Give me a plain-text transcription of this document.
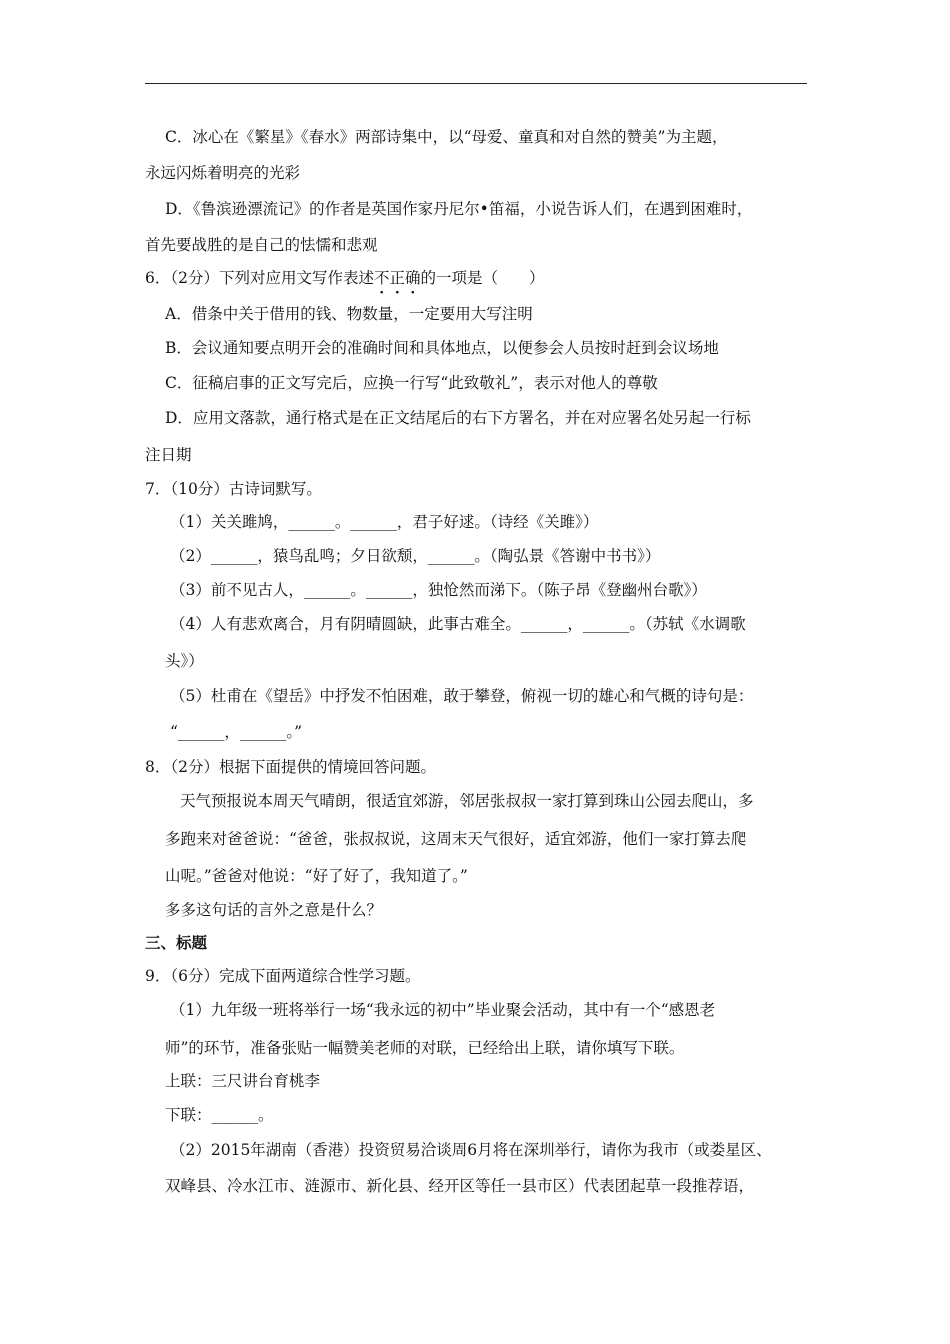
C．冰心在《繁星》《春水》两部诗集中，以“母爱、童真和对自然的赞美”为主题，

永远闪烁着明亮的光彩

D．《鲁滨逊漂流记》的作者是英国作家丹尼尔•笛福，小说告诉人们，在遇到困难时，

首先要战胜的是自己的怯懦和悲观

6．（2分）下列对应用文写作表述不正确的一项是（　　）

A．借条中关于借用的钱、物数量，一定要用大写注明

B．会议通知要点明开会的准确时间和具体地点，以便参会人员按时赶到会议场地

C．征稿启事的正文写完后，应换一行写“此致敬礼”，表示对他人的尊敬

D．应用文落款，通行格式是在正文结尾后的右下方署名，并在对应署名处另起一行标

注日期

7．（10分）古诗词默写。

（1）关关雎鸠，______。______，君子好逑。（诗经《关雎》）

（2）______，猿鸟乱鸣；夕日欲颓，______。（陶弘景《答谢中书书》）

（3）前不见古人，______。______，独怆然而涕下。（陈子昂《登幽州台歌》）

（4）人有悲欢离合，月有阴晴圆缺，此事古难全。______，______。（苏轼《水调歌

头》）

（5）杜甫在《望岳》中抒发不怕困难，敢于攀登，俯视一切的雄心和气概的诗句是：

“______，______。”

8．（2分）根据下面提供的情境回答问题。

天气预报说本周天气晴朗，很适宜郊游，邻居张叔叔一家打算到珠山公园去爬山，多

多跑来对爸爸说：“爸爸，张叔叔说，这周末天气很好，适宜郊游，他们一家打算去爬

山呢。”爸爸对他说：“好了好了，我知道了。”

多多这句话的言外之意是什么？

三、标题

9．（6分）完成下面两道综合性学习题。

（1）九年级一班将举行一场“我永远的初中”毕业聚会活动，其中有一个“感恩老

师”的环节，准备张贴一幅赞美老师的对联，已经给出上联，请你填写下联。

上联：三尺讲台育桃李

下联：______。

（2）2015年湖南（香港）投资贸易洽谈周6月将在深圳举行，请你为我市（或娄星区、

双峰县、冷水江市、涟源市、新化县、经开区等任一县市区）代表团起草一段推荐语，
